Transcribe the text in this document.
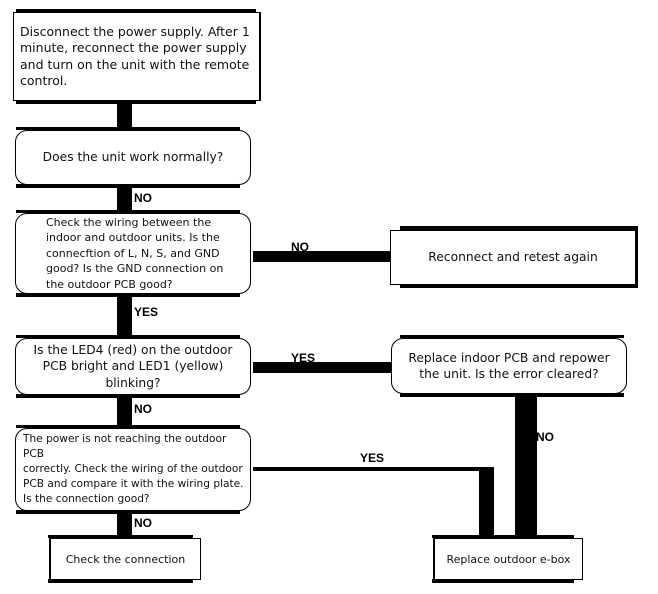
Disconnect the power supply. After 1
minute, reconnect the power supply
and turn on the unit with the remote
control.
Does the unit work normally?
Check the wiring between the
indoor and outdoor units. Is the
connecftion of L, N, S, and GND
good? Is the GND connection on
the outdoor PCB good?
Reconnect and retest again
Is the LED4 (red) on the outdoor
PCB bright and LED1 (yellow)
blinking?
Replace indoor PCB and repower
the unit. Is the error cleared?
The power is not reaching the outdoor PCB
correctly. Check the wiring of the outdoor
PCB and compare it with the wiring plate.
Is the connection good?
Check the connection	Replace outdoor e-box
NO
NO
YES
YES
NO
NO
YES
NO
